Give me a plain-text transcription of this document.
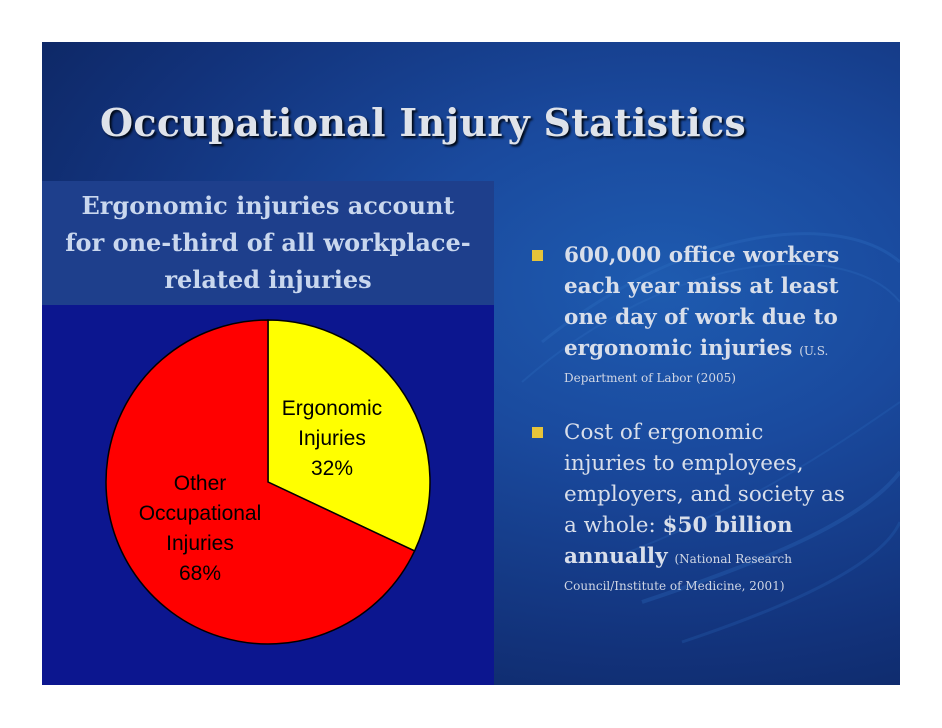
Occupational Injury Statistics
Ergonomic injuries account
for one-third of all workplace-
related injuries
Ergonomic Injuries 32%
Other Occupational Injuries 68%
600,000 office workers
each year miss at least
one day of work due to
ergonomic injuries (U.S.
Department of Labor (2005)
Cost of ergonomic
injuries to employees,
employers, and society as
a whole: $50 billion
annually (National Research
Council/Institute of Medicine, 2001)
